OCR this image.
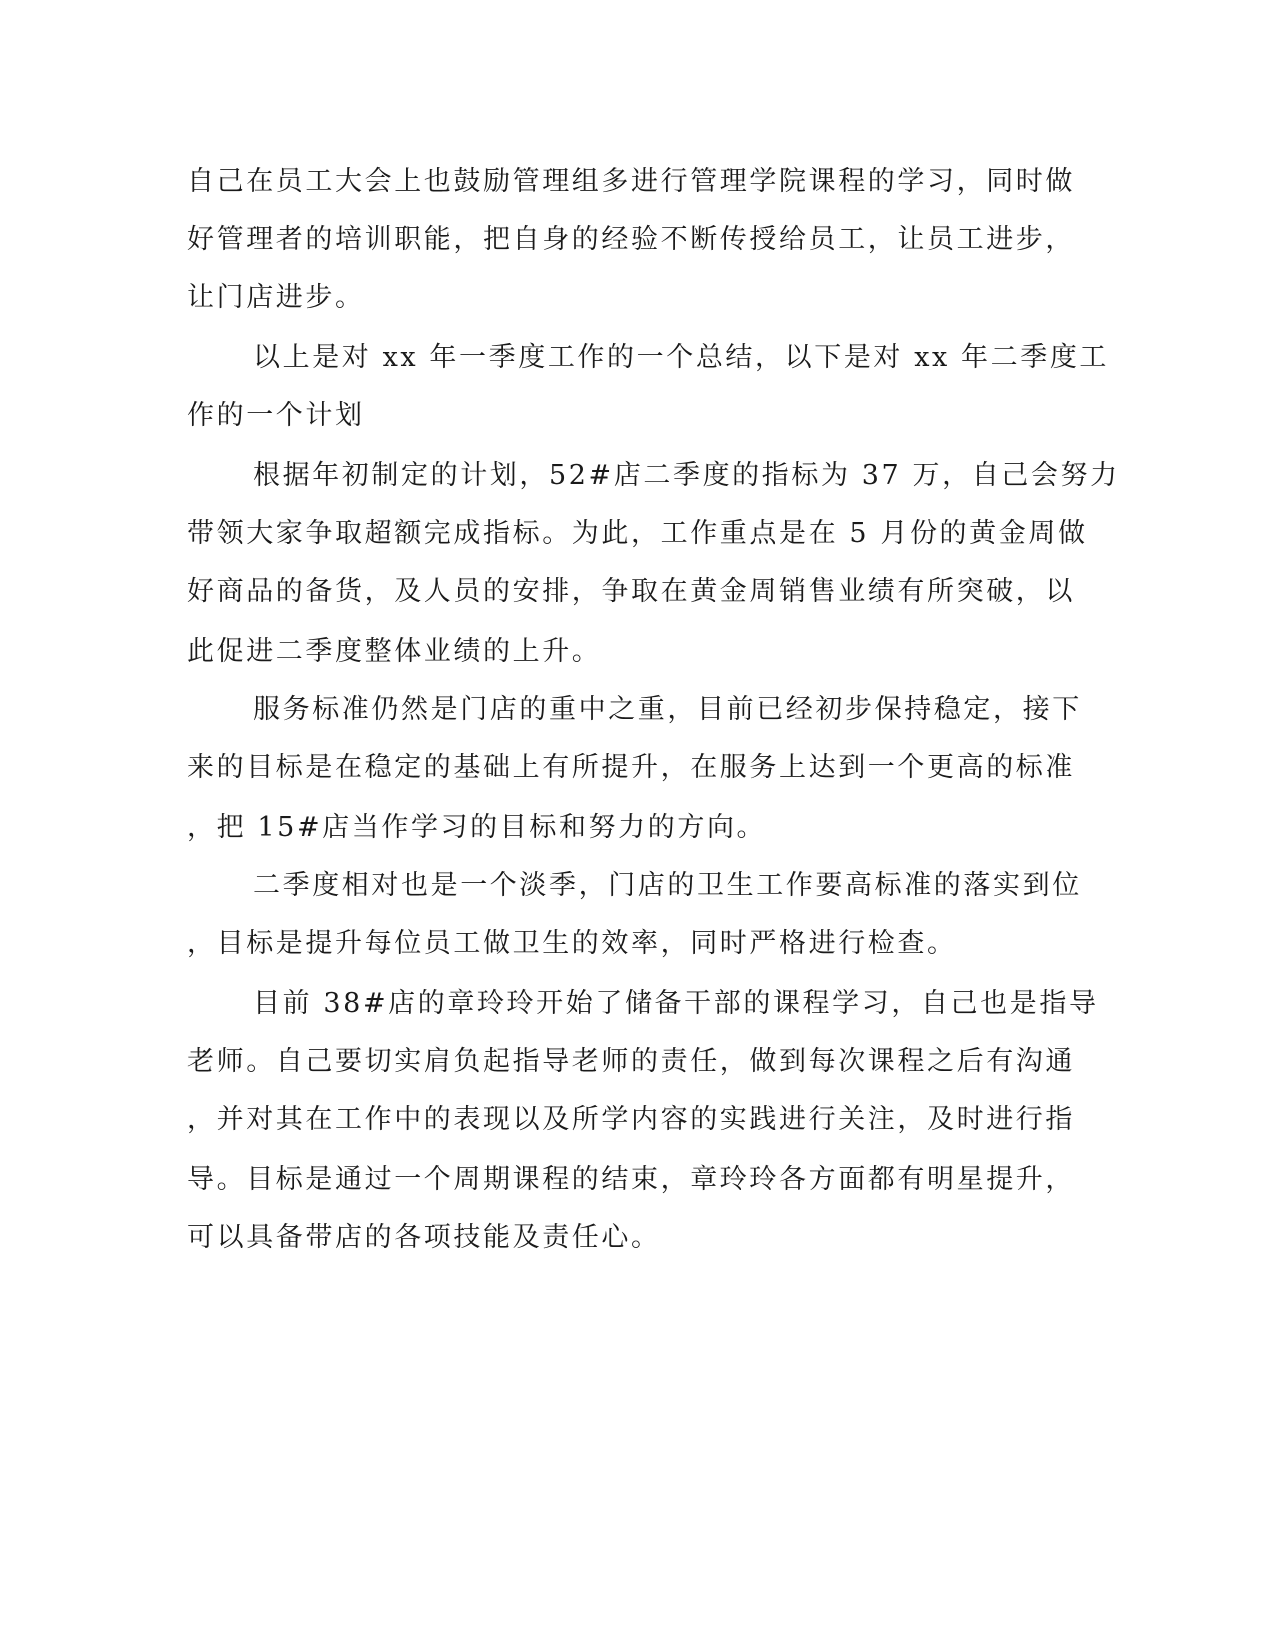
自己在员工大会上也鼓励管理组多进行管理学院课程的学习，同时做
好管理者的培训职能，把自身的经验不断传授给员工，让员工进步，
让门店进步。
以上是对 xx 年一季度工作的一个总结，以下是对 xx 年二季度工
作的一个计划
根据年初制定的计划，52#店二季度的指标为 37 万，自己会努力
带领大家争取超额完成指标。为此，工作重点是在 5 月份的黄金周做
好商品的备货，及人员的安排，争取在黄金周销售业绩有所突破，以
此促进二季度整体业绩的上升。
服务标准仍然是门店的重中之重，目前已经初步保持稳定，接下
来的目标是在稳定的基础上有所提升，在服务上达到一个更高的标准
，把 15#店当作学习的目标和努力的方向。
二季度相对也是一个淡季，门店的卫生工作要高标准的落实到位
，目标是提升每位员工做卫生的效率，同时严格进行检查。
目前 38#店的章玲玲开始了储备干部的课程学习，自己也是指导
老师。自己要切实肩负起指导老师的责任，做到每次课程之后有沟通
，并对其在工作中的表现以及所学内容的实践进行关注，及时进行指
导。目标是通过一个周期课程的结束，章玲玲各方面都有明星提升，
可以具备带店的各项技能及责任心。
